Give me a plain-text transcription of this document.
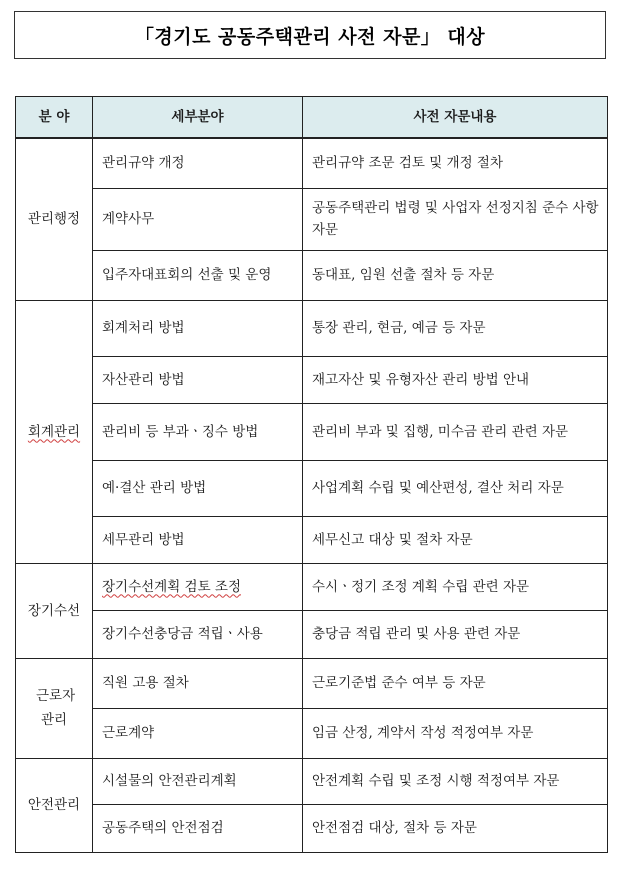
「경기도 공동주택관리 사전 자문」 대상
분 야	세부분야	사전 자문내용
관리행정	관리규약 개정	관리규약 조문 검토 및 개정 절차
	계약사무	공동주택관리 법령 및 사업자 선정지침 준수 사항 자문
	입주자대표회의 선출 및 운영	동대표, 임원 선출 절차 등 자문
회계관리	회계처리 방법	통장 관리, 현금, 예금 등 자문
	자산관리 방법	재고자산 및 유형자산 관리 방법 안내
	관리비 등 부과ㆍ징수 방법	관리비 부과 및 집행, 미수금 관리 관련 자문
	예·결산 관리 방법	사업계획 수립 및 예산편성, 결산 처리 자문
	세무관리 방법	세무신고 대상 및 절차 자문
장기수선	장기수선계획 검토 조정	수시ㆍ정기 조정 계획 수립 관련 자문
	장기수선충당금 적립ㆍ사용	충당금 적립 관리 및 사용 관련 자문
근로자 관리	직원 고용 절차	근로기준법 준수 여부 등 자문
	근로계약	임금 산정, 계약서 작성 적정여부 자문
안전관리	시설물의 안전관리계획	안전계획 수립 및 조정 시행 적정여부 자문
	공동주택의 안전점검	안전점검 대상, 절차 등 자문
